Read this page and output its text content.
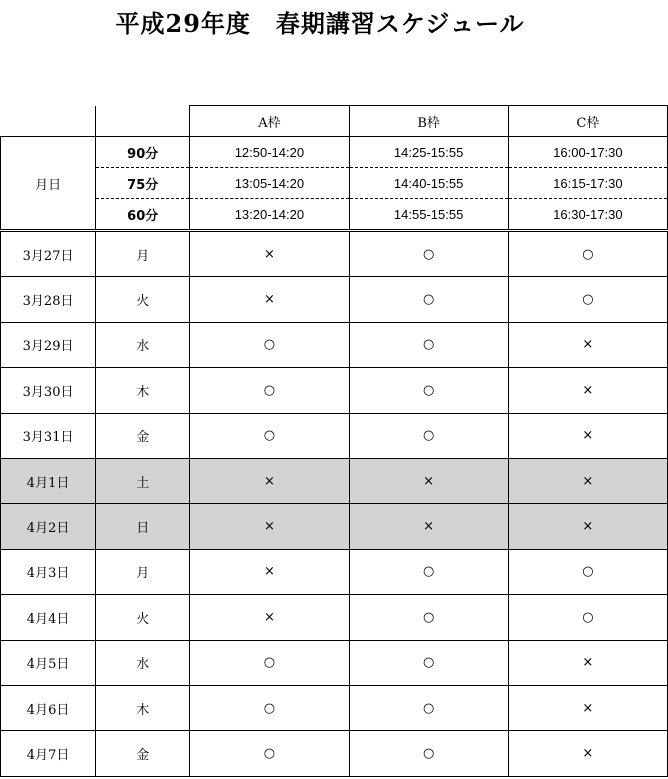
平成29年度　春期講習スケジュール
		A枠	B枠	C枠
月日	90分	12:50-14:20	14:25-15:55	16:00-17:30
	75分	13:05-14:20	14:40-15:55	16:15-17:30
	60分	13:20-14:20	14:55-15:55	16:30-17:30
3月27日	月	×	○	○
3月28日	火	×	○	○
3月29日	水	○	○	×
3月30日	木	○	○	×
3月31日	金	○	○	×
4月1日	土	×	×	×
4月2日	日	×	×	×
4月3日	月	×	○	○
4月4日	火	×	○	○
4月5日	水	○	○	×
4月6日	木	○	○	×
4月7日	金	○	○	×
